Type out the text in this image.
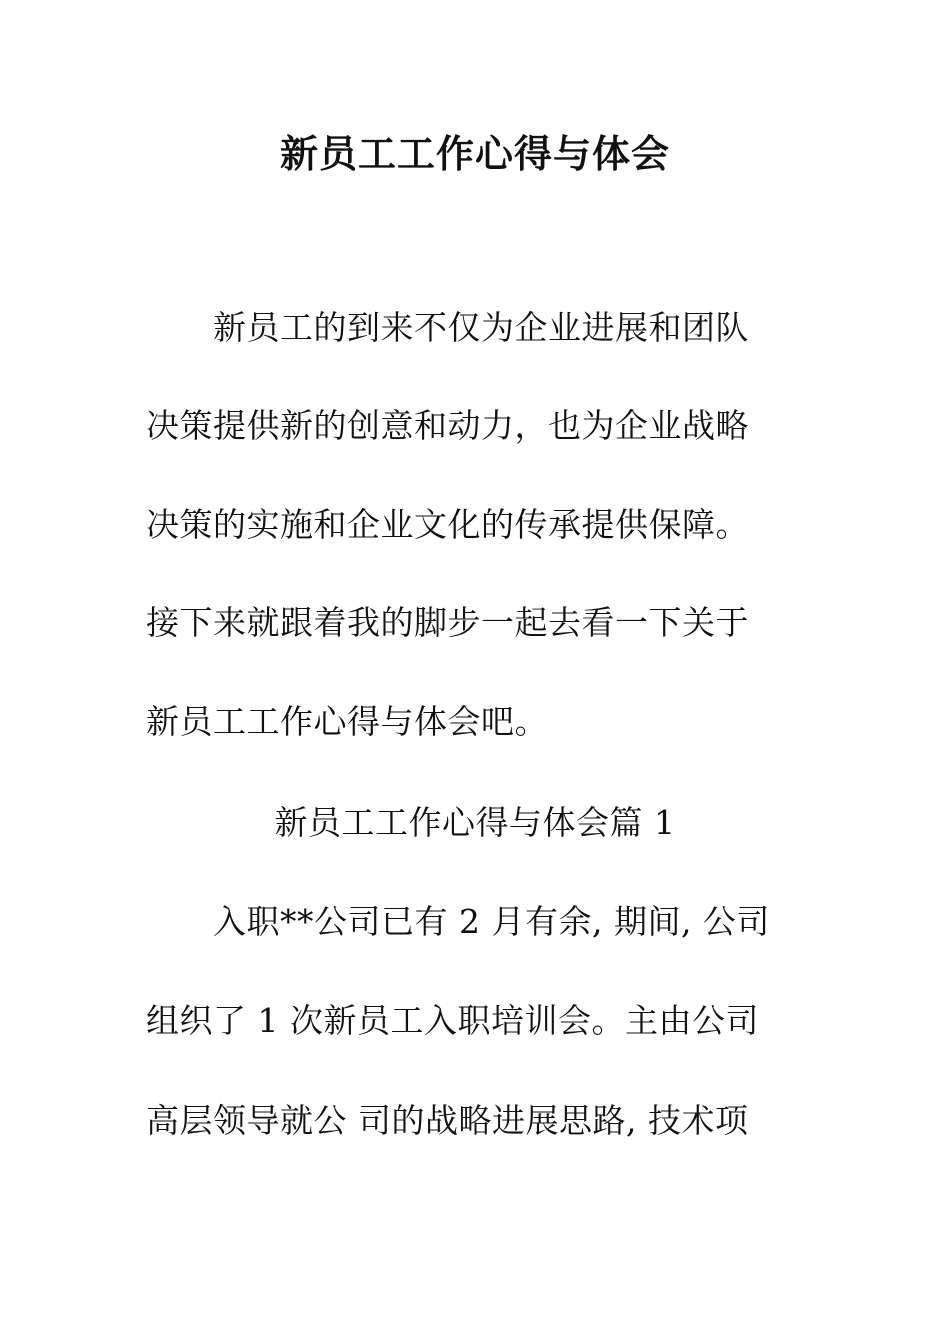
新员工工作心得与体会
新员工的到来不仅为企业进展和团队
决策提供新的创意和动力，也为企业战略
决策的实施和企业文化的传承提供保障。
接下来就跟着我的脚步一起去看一下关于
新员工工作心得与体会吧。
新员工工作心得与体会篇 1
入职**公司已有 2 月有余, 期间, 公司
组织了 1 次新员工入职培训会。主由公司
高层领导就公 司的战略进展思路, 技术项
